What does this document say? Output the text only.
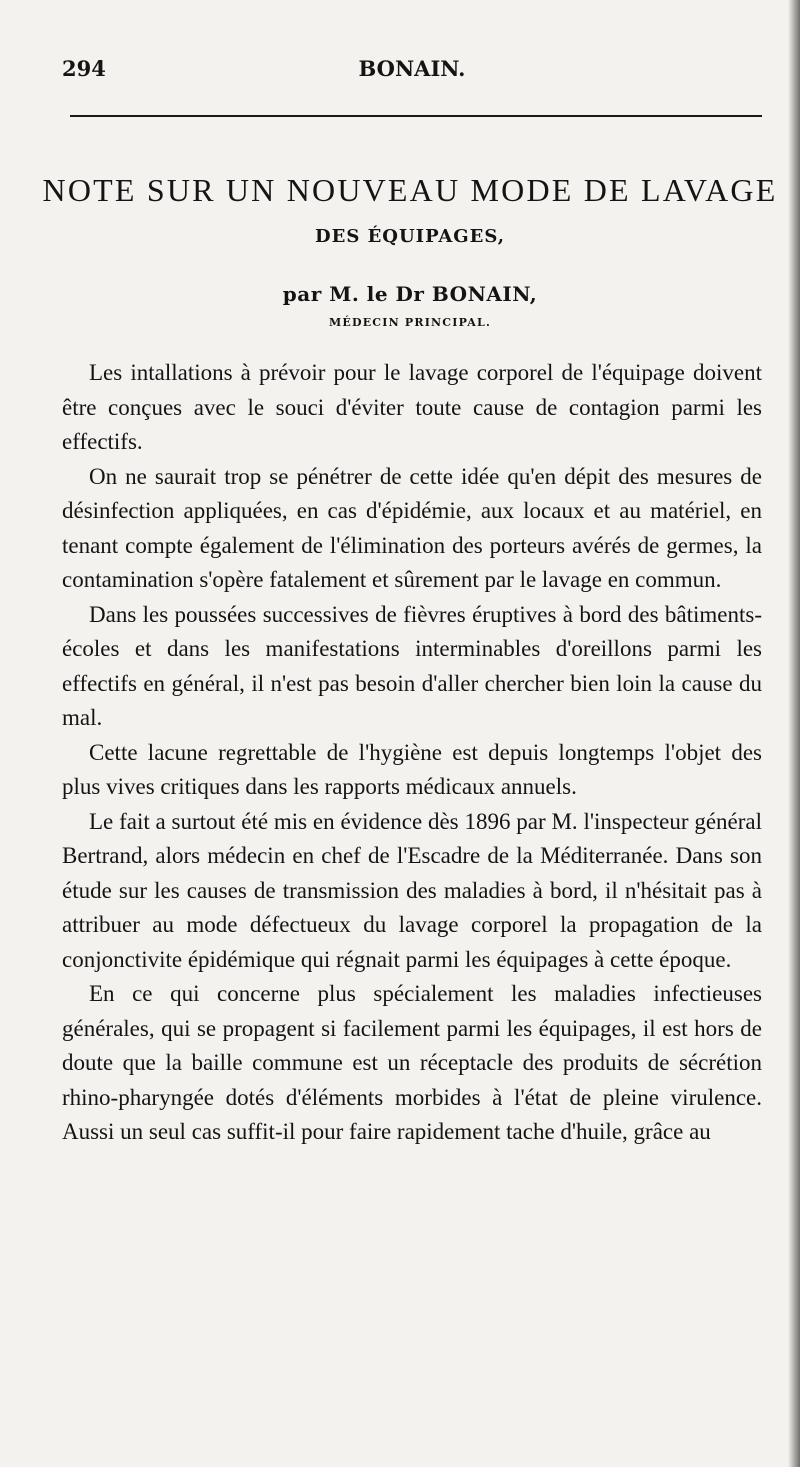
294	BONAIN.
NOTE SUR UN NOUVEAU MODE DE LAVAGE
DES ÉQUIPAGES,
par M. le Dr BONAIN,
MÉDECIN PRINCIPAL.

Les intallations à prévoir pour le lavage corporel de l'équipage doivent être conçues avec le souci d'éviter toute cause de contagion parmi les effectifs.

On ne saurait trop se pénétrer de cette idée qu'en dépit des mesures de désinfection appliquées, en cas d'épidémie, aux locaux et au matériel, en tenant compte également de l'élimination des porteurs avérés de germes, la contamination s'opère fatalement et sûrement par le lavage en commun.

Dans les poussées successives de fièvres éruptives à bord des bâtiments-écoles et dans les manifestations interminables d'oreillons parmi les effectifs en général, il n'est pas besoin d'aller chercher bien loin la cause du mal.

Cette lacune regrettable de l'hygiène est depuis longtemps l'objet des plus vives critiques dans les rapports médicaux annuels.

Le fait a surtout été mis en évidence dès 1896 par M. l'inspecteur général Bertrand, alors médecin en chef de l'Escadre de la Méditerranée. Dans son étude sur les causes de transmission des maladies à bord, il n'hésitait pas à attribuer au mode défectueux du lavage corporel la propagation de la conjonctivite épidémique qui régnait parmi les équipages à cette époque.

En ce qui concerne plus spécialement les maladies infectieuses générales, qui se propagent si facilement parmi les équipages, il est hors de doute que la baille commune est un réceptacle des produits de sécrétion rhino-pharyngée dotés d'éléments morbides à l'état de pleine virulence. Aussi un seul cas suffit-il pour faire rapidement tache d'huile, grâce au
